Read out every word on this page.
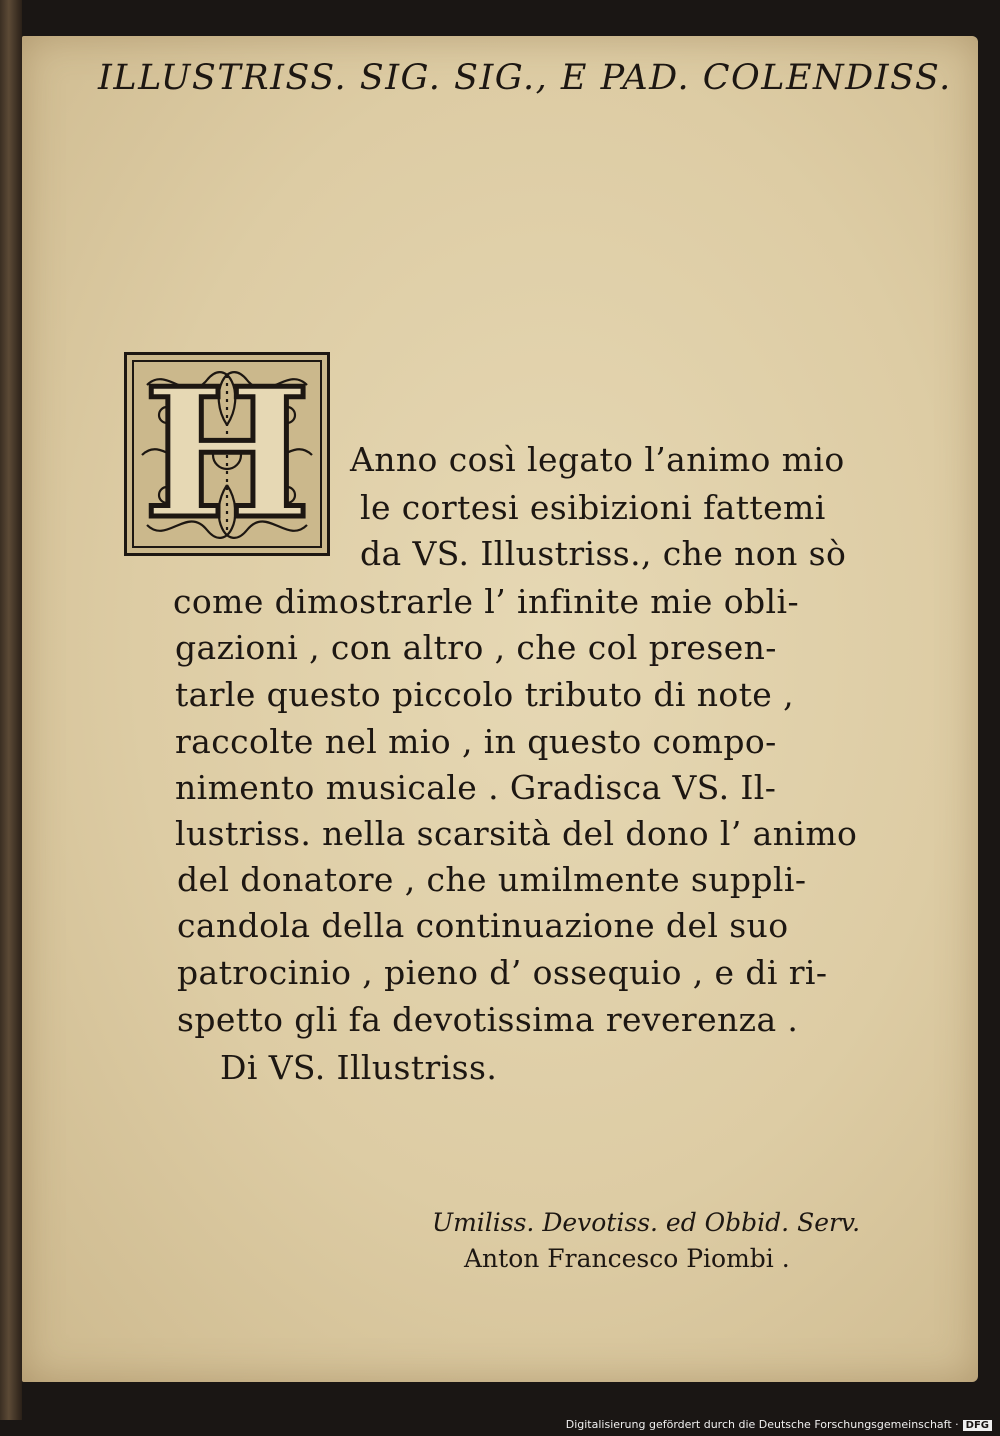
ILLUSTRISS. SIG. SIG., E PAD. COLENDISS.
H	Anno così legato l’animo mio

le cortesi esibizioni fattemi

da VS. Illustriss., che non sò

come dimostrarle l’ infinite mie obli-

gazioni , con altro , che col presen-

tarle questo piccolo tributo di note ,

raccolte nel mio , in questo compo-

nimento musicale . Gradisca VS. Il-

lustriss. nella scarsità del dono l’ animo

del donatore , che umilmente suppli-

candola della continuazione del suo

patrocinio , pieno d’ ossequio , e di ri-

spetto gli fa devotissima reverenza .

Di VS. Illustriss.

Umiliss. Devotiss. ed Obbid. Serv.

Anton Francesco Piombi .

Digitalisierung gefördert durch die Deutsche Forschungsgemeinschaft · DFG
